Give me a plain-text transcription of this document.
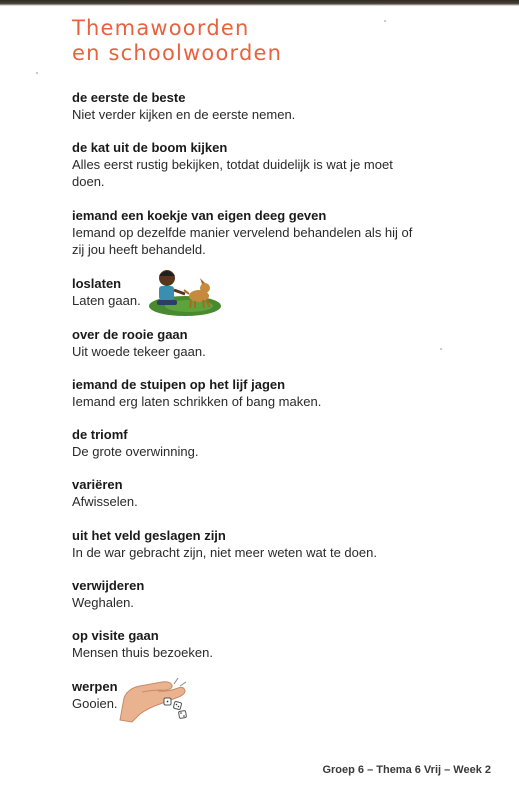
Themawoorden
en schoolwoorden
de eerste de beste
Niet verder kijken en de eerste nemen.
de kat uit de boom kijken
Alles eerst rustig bekijken, totdat duidelijk is wat je moet doen.
iemand een koekje van eigen deeg geven
Iemand op dezelfde manier vervelend behandelen als hij of zij jou heeft behandeld.
loslaten
Laten gaan.
over de rooie gaan
Uit woede tekeer gaan.
iemand de stuipen op het lijf jagen
Iemand erg laten schrikken of bang maken.
de triomf
De grote overwinning.
variëren
Afwisselen.
uit het veld geslagen zijn
In de war gebracht zijn, niet meer weten wat te doen.
verwijderen
Weghalen.
op visite gaan
Mensen thuis bezoeken.
werpen
Gooien.
Groep 6 – Thema 6 Vrij – Week 2
